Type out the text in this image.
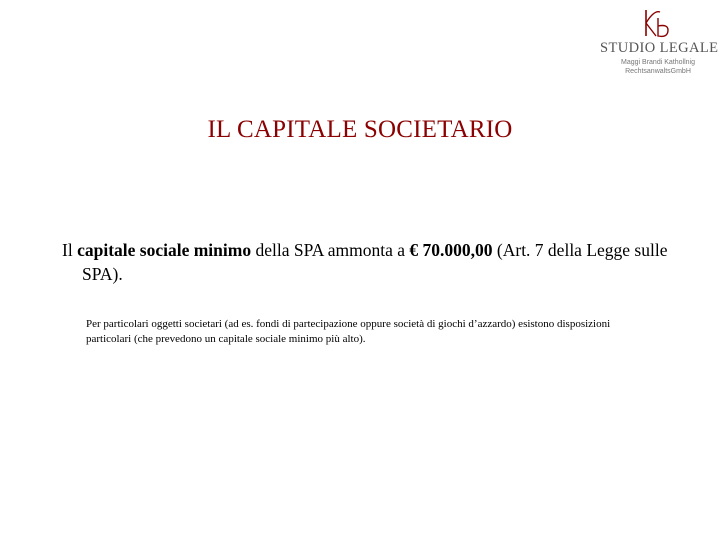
STUDIO LEGALE
Maggi Brandi Kathollnig
RechtsanwaltsGmbH
IL CAPITALE SOCIETARIO
Il capitale sociale minimo della SPA ammonta a € 70.000,00 (Art. 7 della Legge sulle SPA).
Per particolari oggetti societari (ad es. fondi di partecipazione oppure società di giochi d’azzardo) esistono disposizioni particolari (che prevedono un capitale sociale minimo più alto).
